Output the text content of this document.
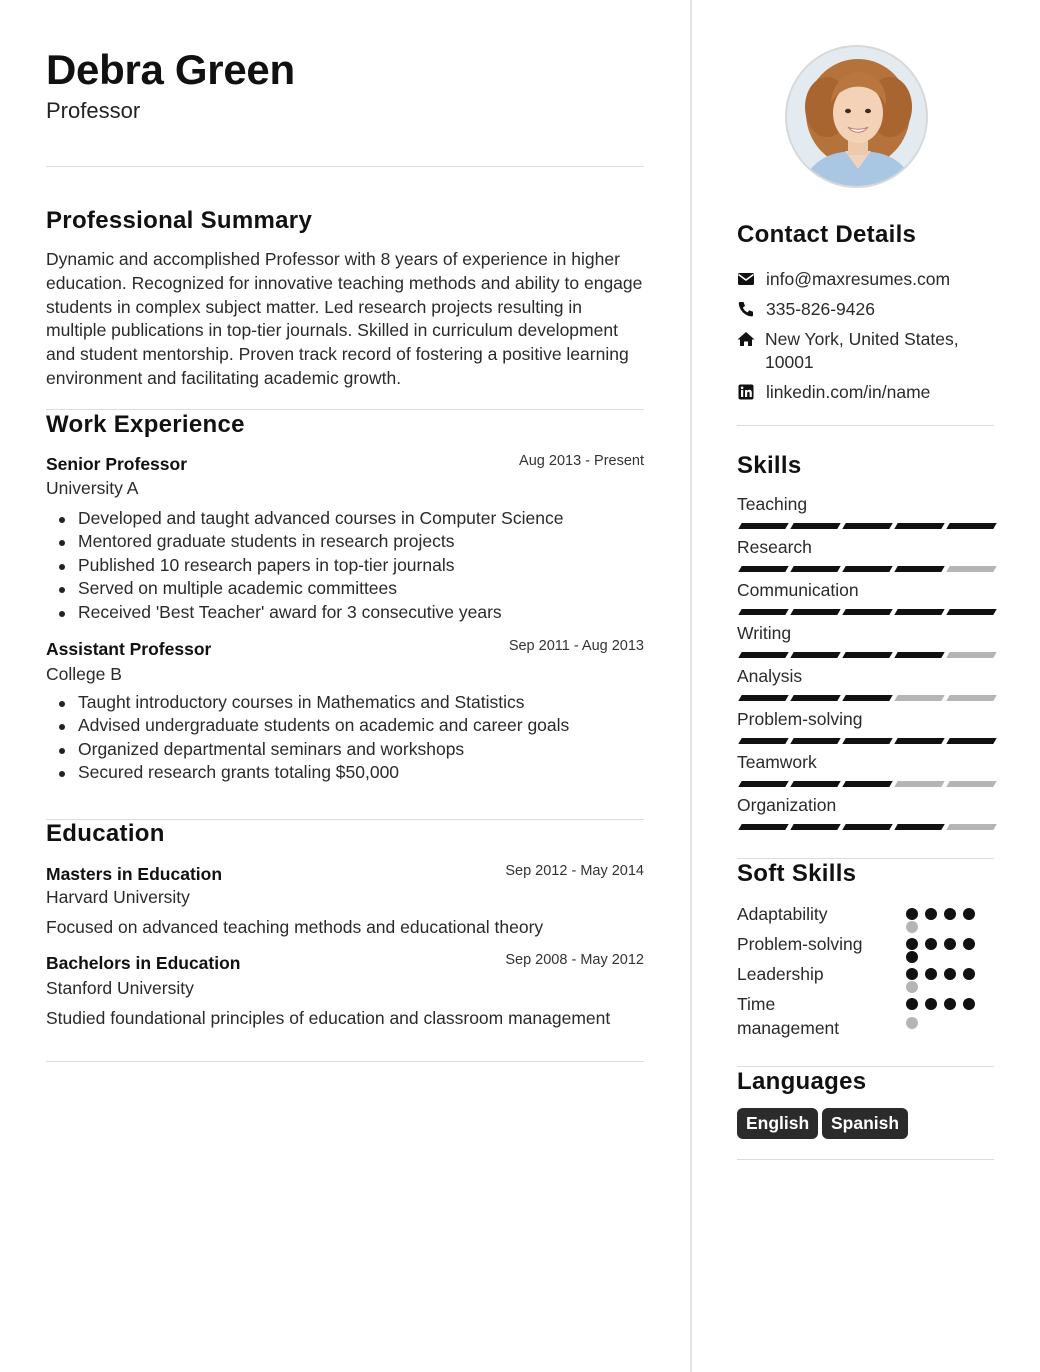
Debra Green
Professor
Professional Summary
Dynamic and accomplished Professor with 8 years of experience in higher education. Recognized for innovative teaching methods and ability to engage students in complex subject matter. Led research projects resulting in multiple publications in top-tier journals. Skilled in curriculum development and student mentorship. Proven track record of fostering a positive learning environment and facilitating academic growth.
Work Experience
Senior Professor	Aug 2013 - Present
University A
Developed and taught advanced courses in Computer Science
Mentored graduate students in research projects
Published 10 research papers in top-tier journals
Served on multiple academic committees
Received 'Best Teacher' award for 3 consecutive years
Assistant Professor	Sep 2011 - Aug 2013
College B
Taught introductory courses in Mathematics and Statistics
Advised undergraduate students on academic and career goals
Organized departmental seminars and workshops
Secured research grants totaling $50,000
Education
Masters in Education	Sep 2012 - May 2014
Harvard University
Focused on advanced teaching methods and educational theory
Bachelors in Education	Sep 2008 - May 2012
Stanford University
Studied foundational principles of education and classroom management
Contact Details
info@maxresumes.com
335-826-9426
New York, United States,
10001
linkedin.com/in/name
Skills
Teaching
Research
Communication
Writing
Analysis
Problem-solving
Teamwork
Organization
Soft Skills
Adaptability
Problem-solving
Leadership
Time management
Languages
English	Spanish
